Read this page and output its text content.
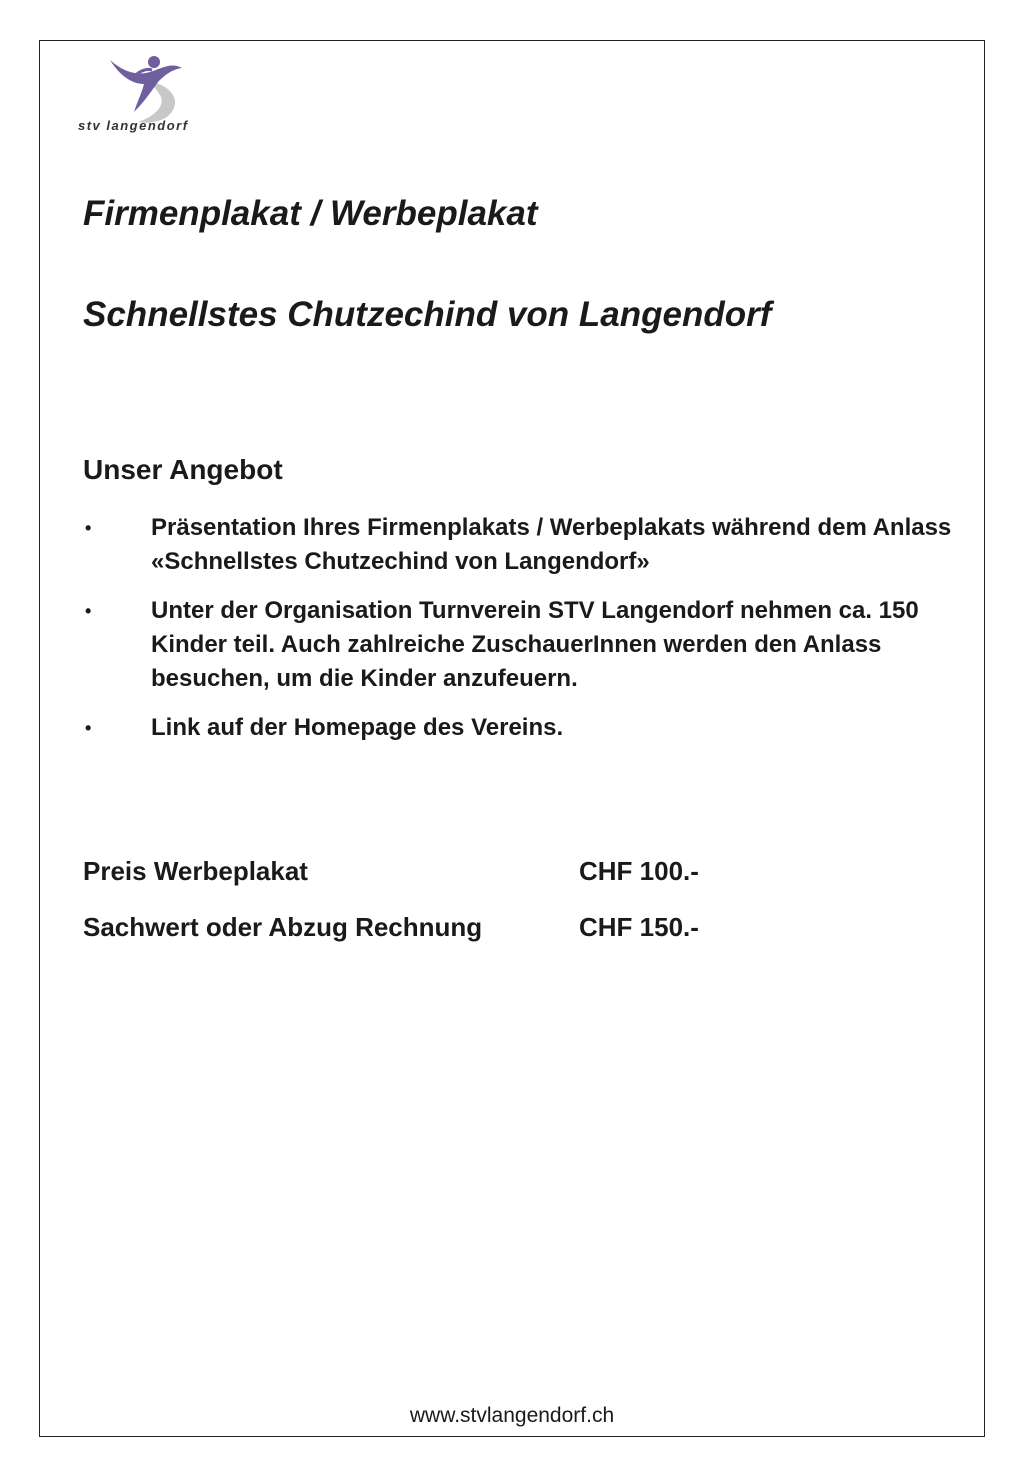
stv langendorf
Firmenplakat / Werbeplakat
Schnellstes Chutzechind von Langendorf
Unser Angebot
• Präsentation Ihres Firmenplakats / Werbeplakats während dem Anlass «Schnellstes Chutzechind von Langendorf»
• Unter der Organisation Turnverein STV Langendorf nehmen ca. 150 Kinder teil. Auch zahlreiche ZuschauerInnen werden den Anlass besuchen, um die Kinder anzufeuern.
• Link auf der Homepage des Vereins.
Preis Werbeplakat	CHF 100.-
Sachwert oder Abzug Rechnung	CHF 150.-

www.stvlangendorf.ch
